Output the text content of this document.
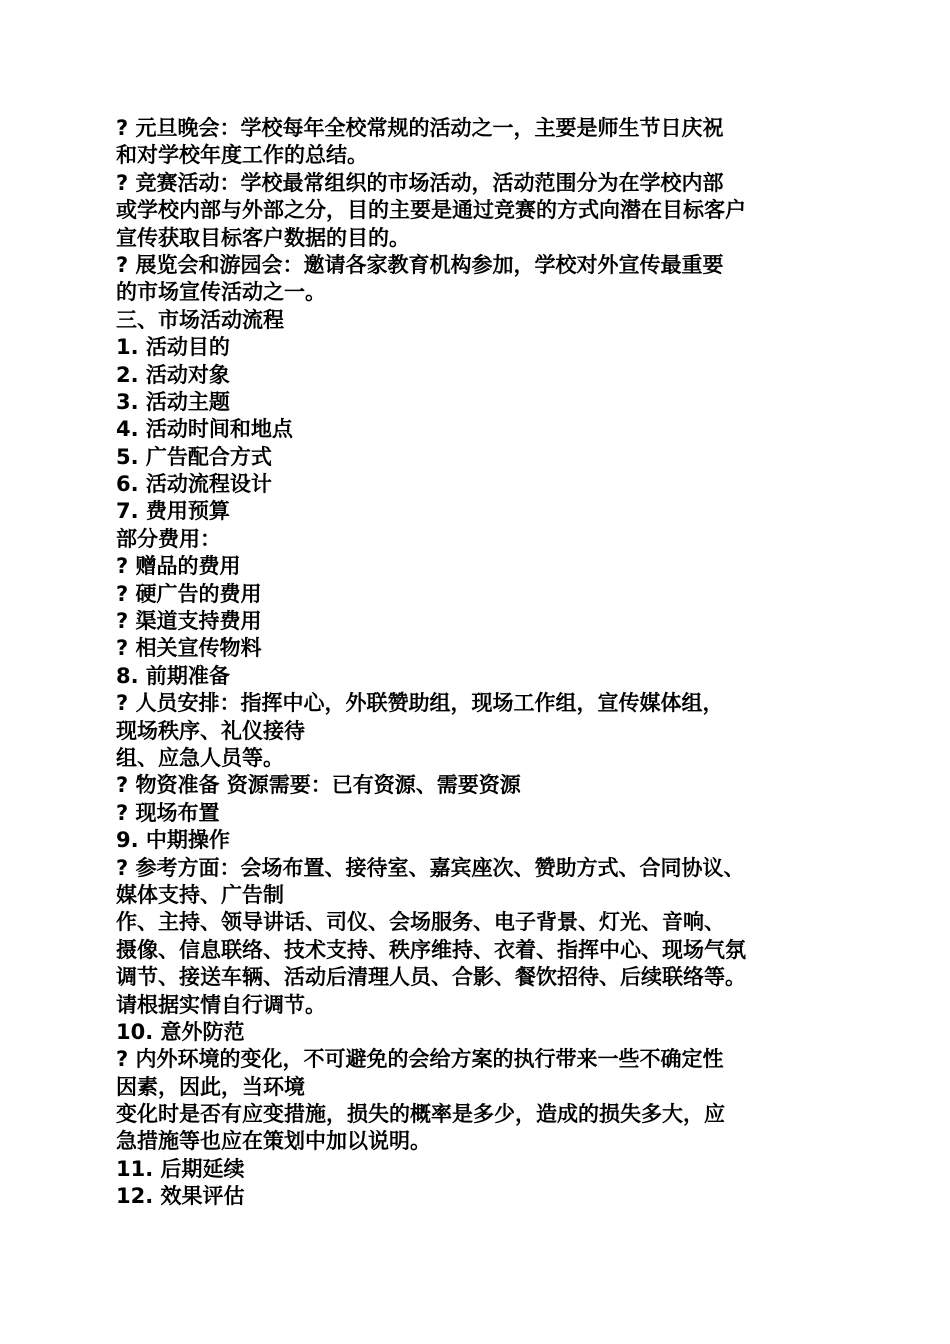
? 元旦晚会：学校每年全校常规的活动之一，主要是师生节日庆祝
和对学校年度工作的总结。
? 竞赛活动：学校最常组织的市场活动，活动范围分为在学校内部
或学校内部与外部之分，目的主要是通过竞赛的方式向潜在目标客户
宣传获取目标客户数据的目的。
? 展览会和游园会：邀请各家教育机构参加，学校对外宣传最重要
的市场宣传活动之一。
三、市场活动流程
1. 活动目的
2. 活动对象
3. 活动主题
4. 活动时间和地点
5. 广告配合方式
6. 活动流程设计
7. 费用预算
部分费用：
? 赠品的费用
? 硬广告的费用
? 渠道支持费用
? 相关宣传物料
8. 前期准备
? 人员安排：指挥中心，外联赞助组，现场工作组，宣传媒体组，
现场秩序、礼仪接待
组、应急人员等。
? 物资准备 资源需要：已有资源、需要资源
? 现场布置
9. 中期操作
? 参考方面：会场布置、接待室、嘉宾座次、赞助方式、合同协议、
媒体支持、广告制
作、主持、领导讲话、司仪、会场服务、电子背景、灯光、音响、
摄像、信息联络、技术支持、秩序维持、衣着、指挥中心、现场气氛
调节、接送车辆、活动后清理人员、合影、餐饮招待、后续联络等。
请根据实情自行调节。
10. 意外防范
? 内外环境的变化，不可避免的会给方案的执行带来一些不确定性
因素，因此，当环境
变化时是否有应变措施，损失的概率是多少，造成的损失多大，应
急措施等也应在策划中加以说明。
11. 后期延续
12. 效果评估
